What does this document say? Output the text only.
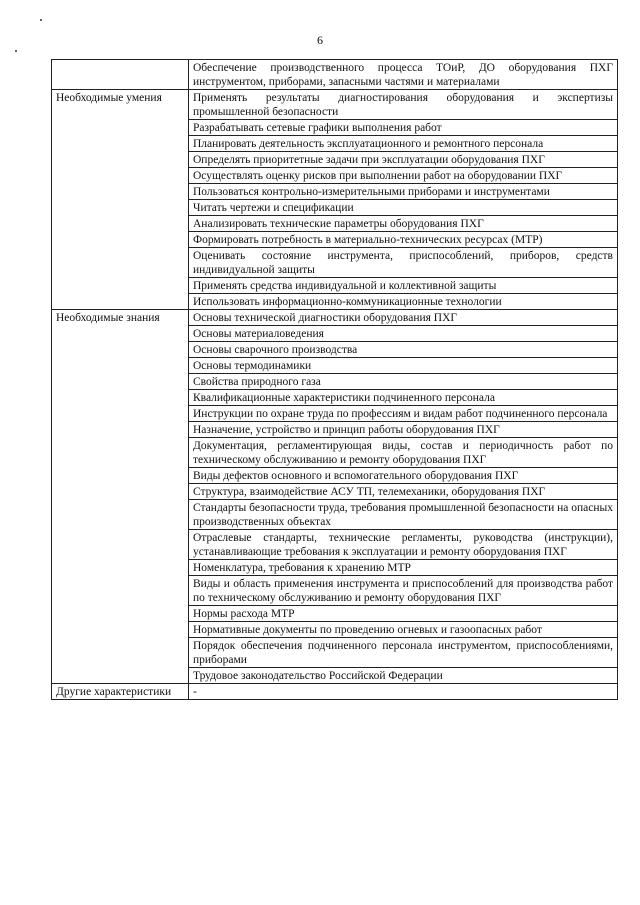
6
	Обеспечение производственного процесса ТОиР, ДО оборудования ПХГ инструментом, приборами, запасными частями и материалами
Необходимые умения	Применять результаты диагностирования оборудования и экспертизы промышленной безопасности
	Разрабатывать сетевые графики выполнения работ
	Планировать деятельность эксплуатационного и ремонтного персонала
	Определять приоритетные задачи при эксплуатации оборудования ПХГ
	Осуществлять оценку рисков при выполнении работ на оборудовании ПХГ
	Пользоваться контрольно-измерительными приборами и инструментами
	Читать чертежи и спецификации
	Анализировать технические параметры оборудования ПХГ
	Формировать потребность в материально-технических ресурсах (МТР)
	Оценивать состояние инструмента, приспособлений, приборов, средств индивидуальной защиты
	Применять средства индивидуальной и коллективной защиты
	Использовать информационно-коммуникационные технологии
Необходимые знания	Основы технической диагностики оборудования ПХГ
	Основы материаловедения
	Основы сварочного производства
	Основы термодинамики
	Свойства природного газа
	Квалификационные характеристики подчиненного персонала
	Инструкции по охране труда по профессиям и видам работ подчиненного персонала
	Назначение, устройство и принцип работы оборудования ПХГ
	Документация, регламентирующая виды, состав и периодичность работ по техническому обслуживанию и ремонту оборудования ПХГ
	Виды дефектов основного и вспомогательного оборудования ПХГ
	Структура, взаимодействие АСУ ТП, телемеханики, оборудования ПХГ
	Стандарты безопасности труда, требования промышленной безопасности на опасных производственных объектах
	Отраслевые стандарты, технические регламенты, руководства (инструкции), устанавливающие требования к эксплуатации и ремонту оборудования ПХГ
	Номенклатура, требования к хранению МТР
	Виды и область применения инструмента и приспособлений для производства работ по техническому обслуживанию и ремонту оборудования ПХГ
	Нормы расхода МТР
	Нормативные документы по проведению огневых и газоопасных работ
	Порядок обеспечения подчиненного персонала инструментом, приспособлениями, приборами
	Трудовое законодательство Российской Федерации
Другие характеристики	-
